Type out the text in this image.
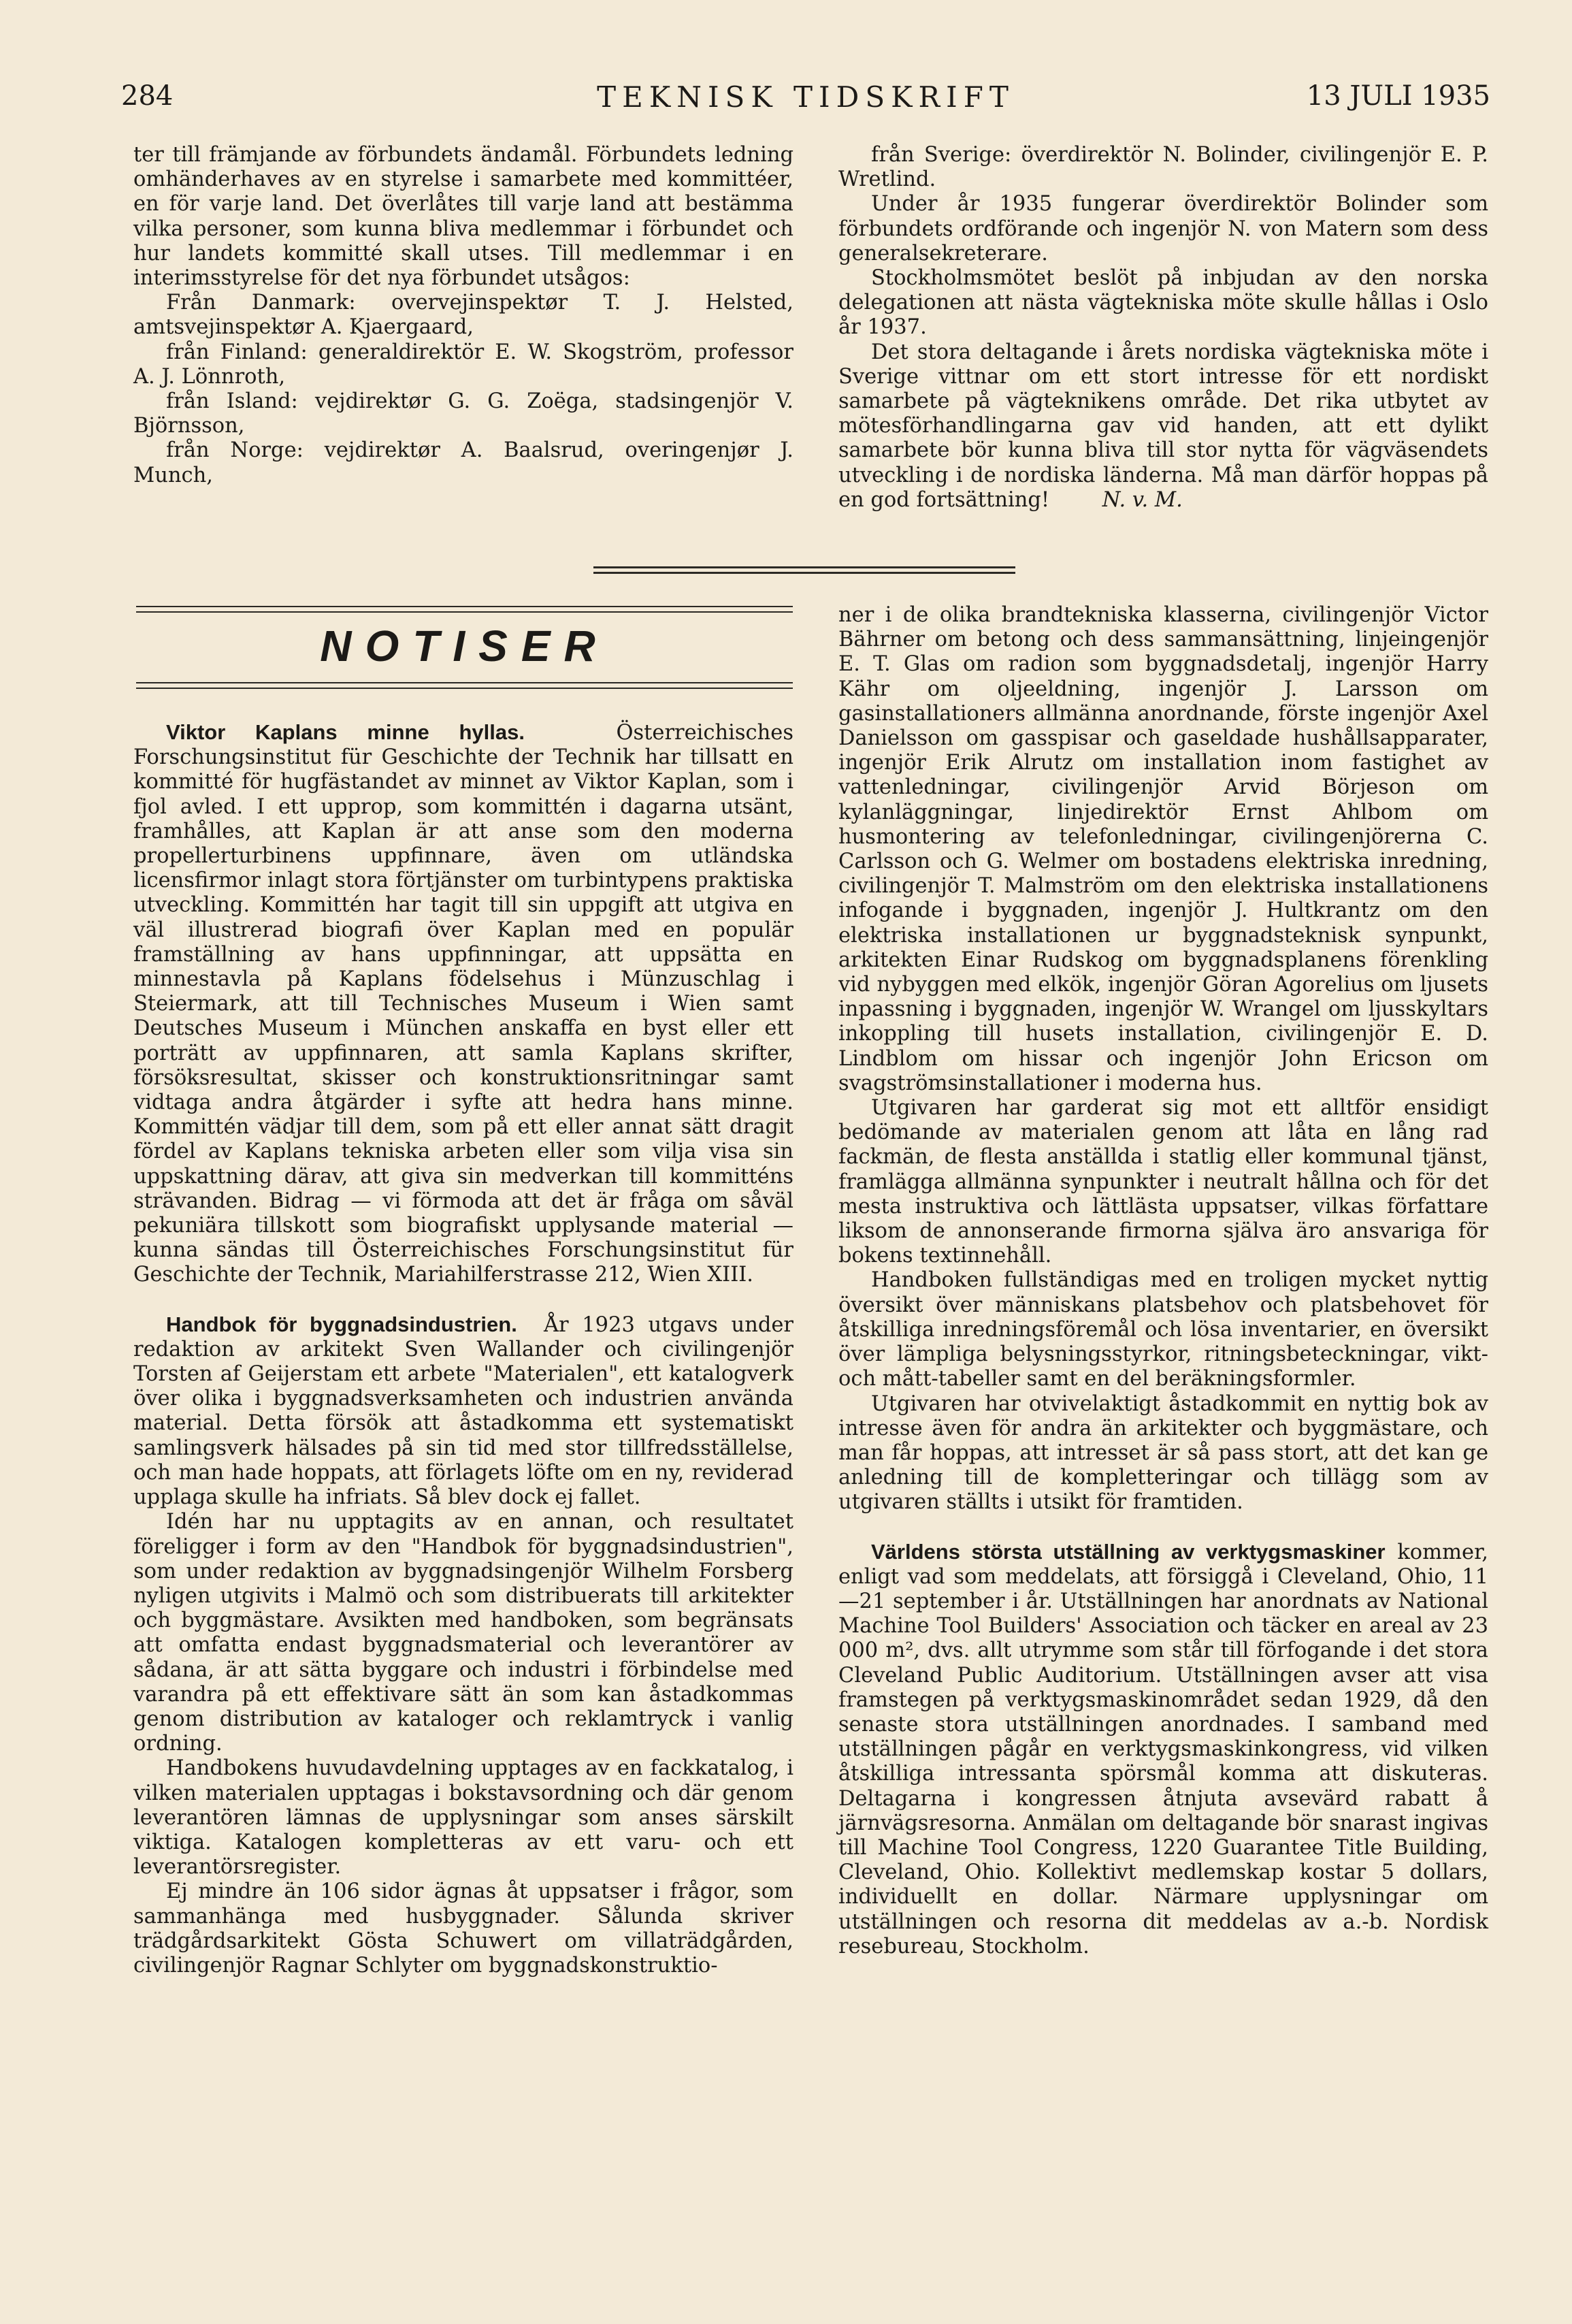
284	TEKNISK TIDSKRIFT	13 JULI 1935

ter till främjande av förbundets ändamål. Förbundets ledning omhänderhaves av en styrelse i samarbete med kommittéer, en för varje land. Det överlåtes till varje land att bestämma vilka personer, som kunna bliva medlemmar i förbundet och hur landets kommitté skall utses. Till medlemmar i en interimsstyrelse för det nya förbundet utsågos:

Från Danmark: overvejinspektør T. J. Helsted, amtsvejinspektør A. Kjaergaard,

från Finland: generaldirektör E. W. Skogström, professor A. J. Lönnroth,

från Island: vejdirektør G. G. Zoëga, stadsingenjör V. Björnsson,

från Norge: vejdirektør A. Baalsrud, overingenjør J. Munch,

från Sverige: överdirektör N. Bolinder, civilingenjör E. P. Wretlind.

Under år 1935 fungerar överdirektör Bolinder som förbundets ordförande och ingenjör N. von Matern som dess generalsekreterare.

Stockholmsmötet beslöt på inbjudan av den norska delegationen att nästa vägtekniska möte skulle hållas i Oslo år 1937.

Det stora deltagande i årets nordiska vägtekniska möte i Sverige vittnar om ett stort intresse för ett nordiskt samarbete på vägteknikens område. Det rika utbytet av mötesförhandlingarna gav vid handen, att ett dylikt samarbete bör kunna bliva till stor nytta för vägväsendets utveckling i de nordiska länderna. Må man därför hoppas på en god fortsättning!	N. v. M.

NOTISER

Viktor Kaplans minne hyllas.	Österreichisches Forschungsinstitut für Geschichte der Technik har tillsatt en kommitté för hugfästandet av minnet av Viktor Kaplan, som i fjol avled. I ett upprop, som kommittén i dagarna utsänt, framhålles, att Kaplan är att anse som den moderna propellerturbinens uppfinnare, även om utländska licensfirmor inlagt stora förtjänster om turbintypens praktiska utveckling. Kommittén har tagit till sin uppgift att utgiva en väl illustrerad biografi över Kaplan med en populär framställning av hans uppfinningar, att uppsätta en minnestavla på Kaplans födelsehus i Münzuschlag i Steiermark, att till Technisches Museum i Wien samt Deutsches Museum i München anskaffa en byst eller ett porträtt av uppfinnaren, att samla Kaplans skrifter, försöksresultat, skisser och konstruktionsritningar samt vidtaga andra åtgärder i syfte att hedra hans minne. Kommittén vädjar till dem, som på ett eller annat sätt dragit fördel av Kaplans tekniska arbeten eller som vilja visa sin uppskattning därav, att giva sin medverkan till kommitténs strävanden. Bidrag — vi förmoda att det är fråga om såväl pekuniära tillskott som biografiskt upplysande material — kunna sändas till Österreichisches Forschungsinstitut für Geschichte der Technik, Mariahilferstrasse 212, Wien XIII.

Handbok för byggnadsindustrien. År 1923 utgavs under redaktion av arkitekt Sven Wallander och civilingenjör Torsten af Geijerstam ett arbete "Materialen", ett katalogverk över olika i byggnadsverksamheten och industrien använda material. Detta försök att åstadkomma ett systematiskt samlingsverk hälsades på sin tid med stor tillfredsställelse, och man hade hoppats, att förlagets löfte om en ny, reviderad upplaga skulle ha infriats. Så blev dock ej fallet.

Idén har nu upptagits av en annan, och resultatet föreligger i form av den "Handbok för byggnadsindustrien", som under redaktion av byggnadsingenjör Wilhelm Forsberg nyligen utgivits i Malmö och som distribuerats till arkitekter och byggmästare. Avsikten med handboken, som begränsats att omfatta endast byggnadsmaterial och leverantörer av sådana, är att sätta byggare och industri i förbindelse med varandra på ett effektivare sätt än som kan åstadkommas genom distribution av kataloger och reklamtryck i vanlig ordning.

Handbokens huvudavdelning upptages av en fackkatalog, i vilken materialen upptagas i bokstavsordning och där genom leverantören lämnas de upplysningar som anses särskilt viktiga. Katalogen kompletteras av ett varu- och ett leverantörsregister.

Ej mindre än 106 sidor ägnas åt uppsatser i frågor, som sammanhänga med husbyggnader. Sålunda skriver trädgårdsarkitekt Gösta Schuwert om villaträdgården, civilingenjör Ragnar Schlyter om byggnadskonstruktio-

ner i de olika brandtekniska klasserna, civilingenjör Victor Bährner om betong och dess sammansättning, linjeingenjör E. T. Glas om radion som byggnadsdetalj, ingenjör Harry Kähr om oljeeldning, ingenjör J. Larsson om gasinstallationers allmänna anordnande, förste ingenjör Axel Danielsson om gasspisar och gaseldade hushållsapparater, ingenjör Erik Alrutz om installation inom fastighet av vattenledningar, civilingenjör Arvid Börjeson om kylanläggningar, linjedirektör Ernst Ahlbom om husmontering av telefonledningar, civilingenjörerna C. Carlsson och G. Welmer om bostadens elektriska inredning, civilingenjör T. Malmström om den elektriska installationens infogande i byggnaden, ingenjör J. Hultkrantz om den elektriska installationen ur byggnadsteknisk synpunkt, arkitekten Einar Rudskog om byggnadsplanens förenkling vid nybyggen med elkök, ingenjör Göran Agorelius om ljusets inpassning i byggnaden, ingenjör W. Wrangel om ljusskyltars inkoppling till husets installation, civilingenjör E. D. Lindblom om hissar och ingenjör John Ericson om svagströmsinstallationer i moderna hus.

Utgivaren har garderat sig mot ett alltför ensidigt bedömande av materialen genom att låta en lång rad fackmän, de flesta anställda i statlig eller kommunal tjänst, framlägga allmänna synpunkter i neutralt hållna och för det mesta instruktiva och lättlästa uppsatser, vilkas författare liksom de annonserande firmorna själva äro ansvariga för bokens textinnehåll.

Handboken fullständigas med en troligen mycket nyttig översikt över människans platsbehov och platsbehovet för åtskilliga inredningsföremål och lösa inventarier, en översikt över lämpliga belysningsstyrkor, ritningsbeteckningar, vikt- och mått-tabeller samt en del beräkningsformler.

Utgivaren har otvivelaktigt åstadkommit en nyttig bok av intresse även för andra än arkitekter och byggmästare, och man får hoppas, att intresset är så pass stort, att det kan ge anledning till de kompletteringar och tillägg som av utgivaren ställts i utsikt för framtiden.

Världens största utställning av verktygsmaskiner kommer, enligt vad som meddelats, att försiggå i Cleveland, Ohio, 11—21 september i år. Utställningen har anordnats av National Machine Tool Builders' Association och täcker en areal av 23 000 m², dvs. allt utrymme som står till förfogande i det stora Cleveland Public Auditorium. Utställningen avser att visa framstegen på verktygsmaskinområdet sedan 1929, då den senaste stora utställningen anordnades. I samband med utställningen pågår en verktygsmaskinkongress, vid vilken åtskilliga intressanta spörsmål komma att diskuteras. Deltagarna i kongressen åtnjuta avsevärd rabatt å järnvägsresorna. Anmälan om deltagande bör snarast ingivas till Machine Tool Congress, 1220 Guarantee Title Building, Cleveland, Ohio. Kollektivt medlemskap kostar 5 dollars, individuellt en dollar. Närmare upplysningar om utställningen och resorna dit meddelas av a.-b. Nordisk resebureau, Stockholm.
